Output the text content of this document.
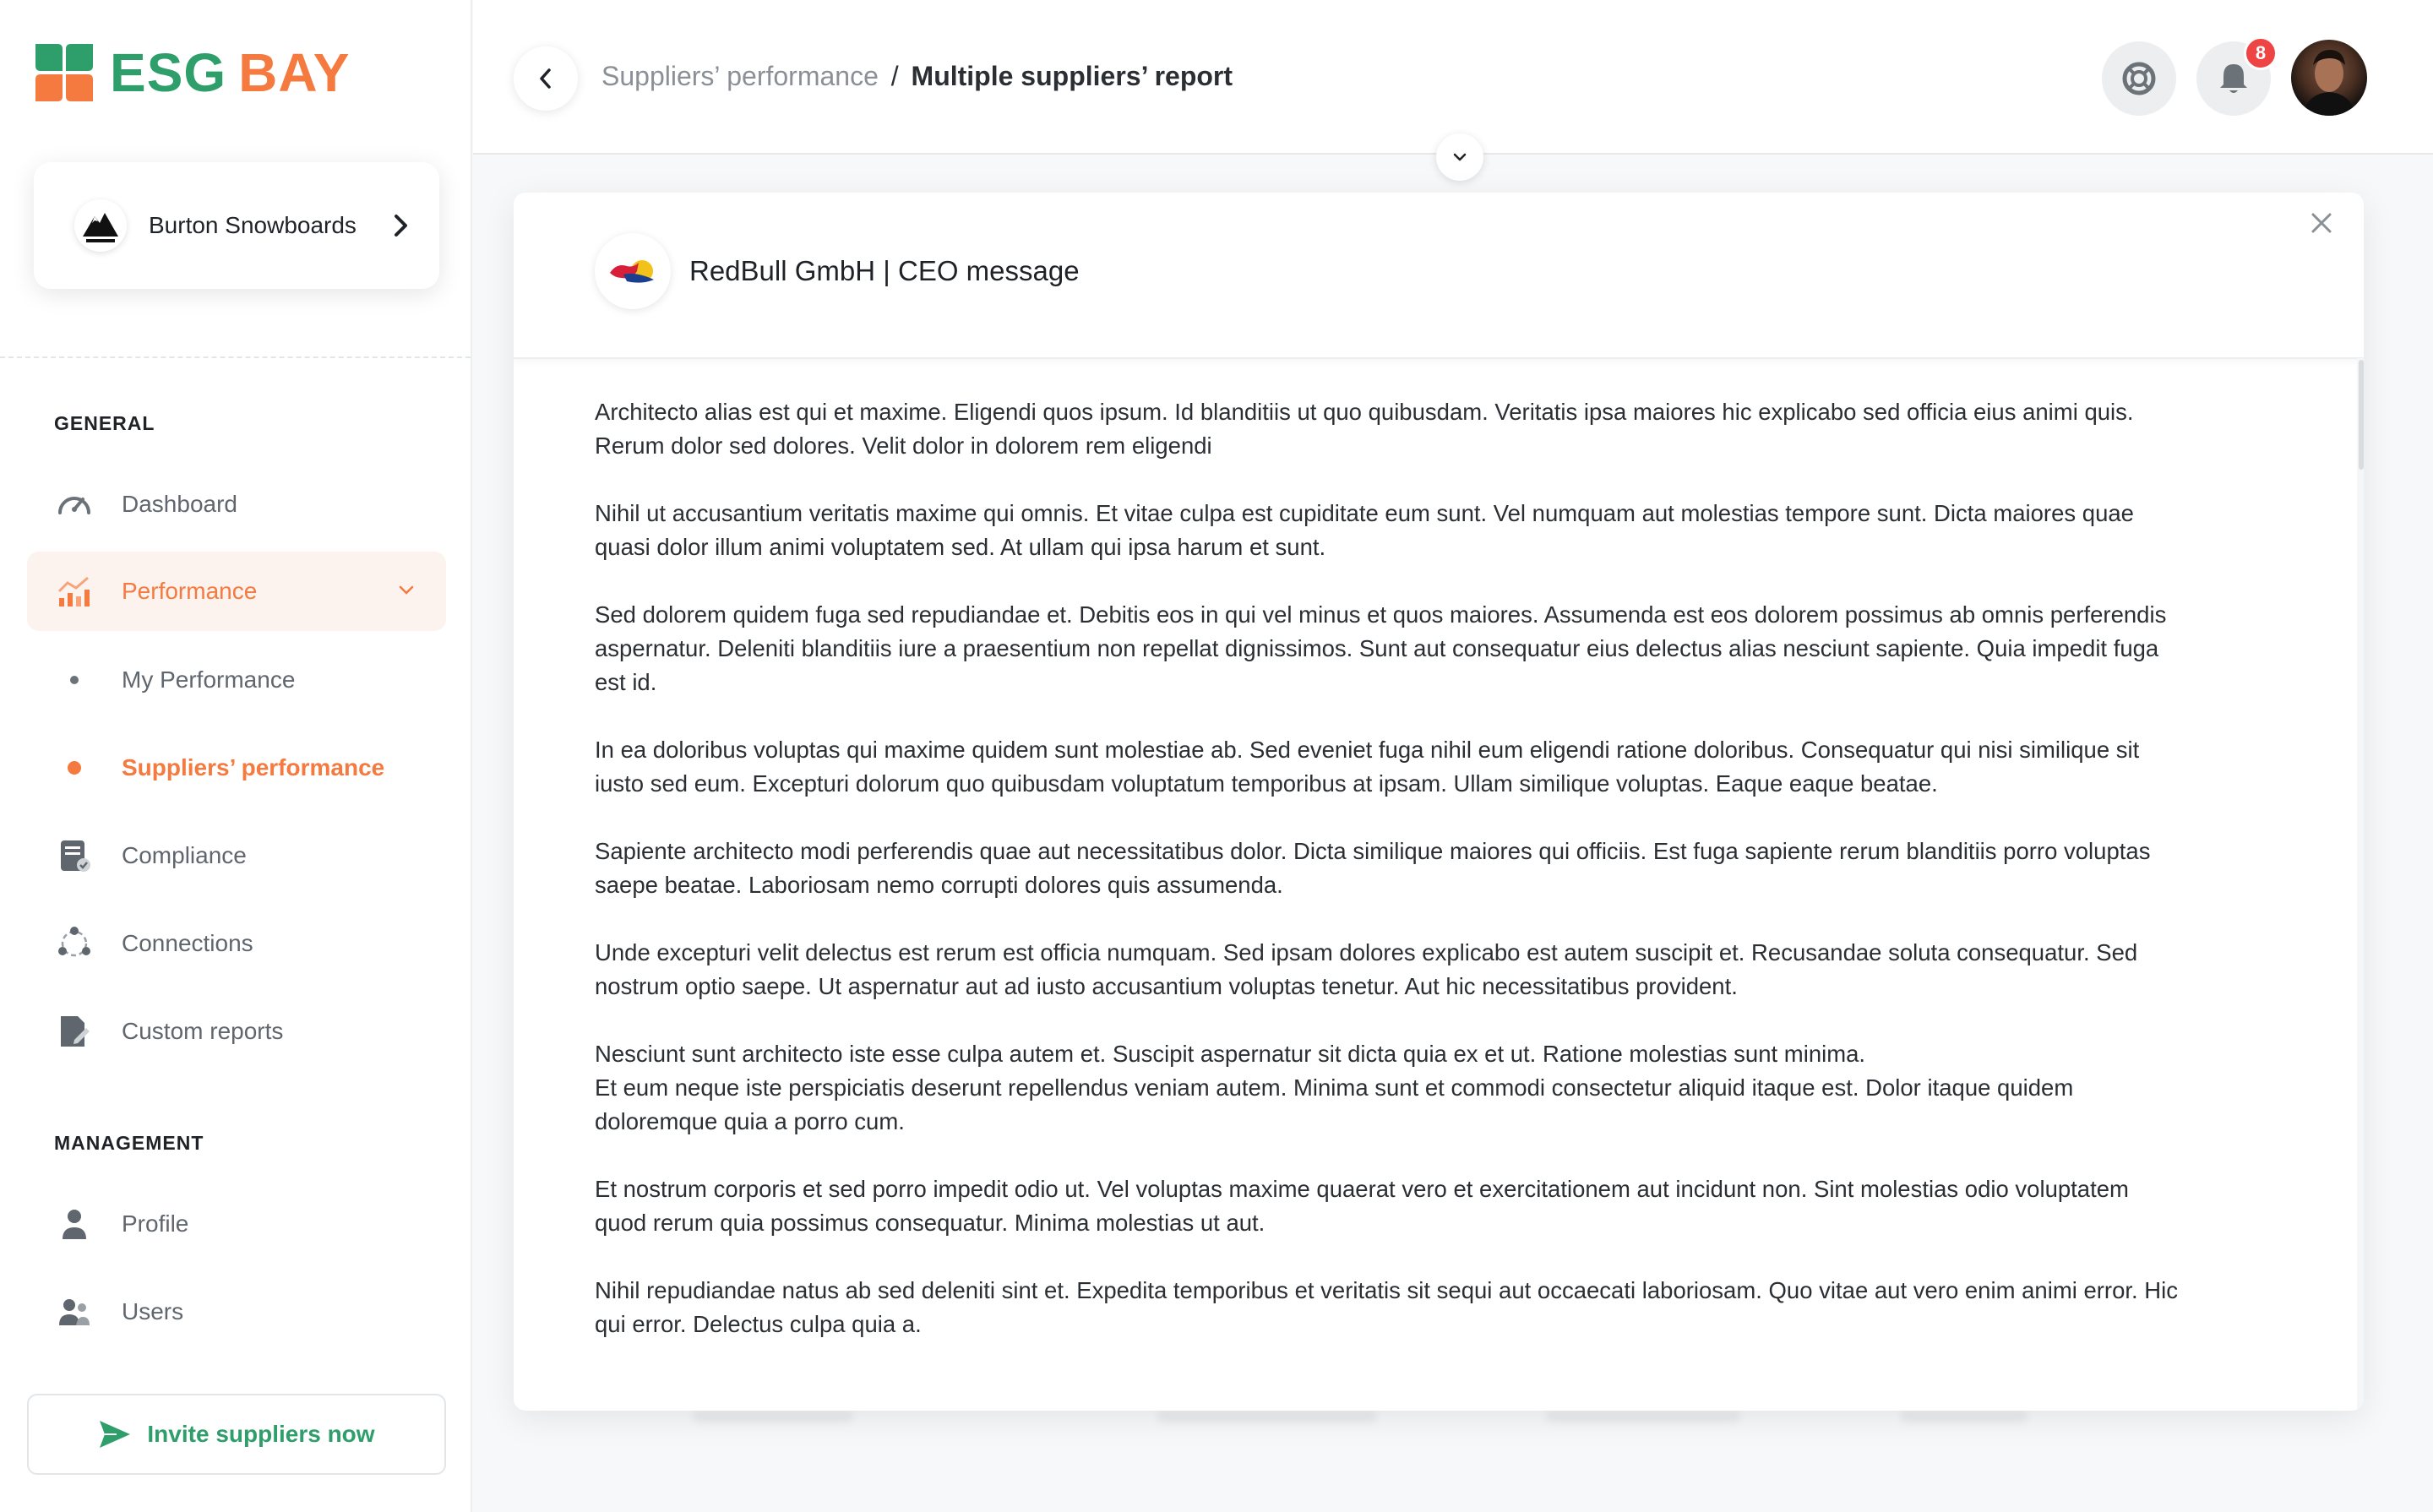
ESG BAY
Burton Snowboards
GENERAL
Dashboard
Performance
My Performance
Suppliers’ performance
Compliance
Connections
Custom reports
MANAGEMENT
Profile
Users
Invite suppliers now
Suppliers’ performance / Multiple suppliers’ report
8
RedBull GmbH | CEO message

Architecto alias est qui et maxime. Eligendi quos ipsum. Id blanditiis ut quo quibusdam. Veritatis ipsa maiores hic explicabo sed officia eius animi quis.
Rerum dolor sed dolores. Velit dolor in dolorem rem eligendi

Nihil ut accusantium veritatis maxime qui omnis. Et vitae culpa est cupiditate eum sunt. Vel numquam aut molestias tempore sunt. Dicta maiores quae
quasi dolor illum animi voluptatem sed. At ullam qui ipsa harum et sunt.

Sed dolorem quidem fuga sed repudiandae et. Debitis eos in qui vel minus et quos maiores. Assumenda est eos dolorem possimus ab omnis perferendis
aspernatur. Deleniti blanditiis iure a praesentium non repellat dignissimos. Sunt aut consequatur eius delectus alias nesciunt sapiente. Quia impedit fuga
est id.

In ea doloribus voluptas qui maxime quidem sunt molestiae ab. Sed eveniet fuga nihil eum eligendi ratione doloribus. Consequatur qui nisi similique sit
iusto sed eum. Excepturi dolorum quo quibusdam voluptatum temporibus at ipsam. Ullam similique voluptas. Eaque eaque beatae.

Sapiente architecto modi perferendis quae aut necessitatibus dolor. Dicta similique maiores qui officiis. Est fuga sapiente rerum blanditiis porro voluptas
saepe beatae. Laboriosam nemo corrupti dolores quis assumenda.

Unde excepturi velit delectus est rerum est officia numquam. Sed ipsam dolores explicabo est autem suscipit et. Recusandae soluta consequatur. Sed
nostrum optio saepe. Ut aspernatur aut ad iusto accusantium voluptas tenetur. Aut hic necessitatibus provident.

Nesciunt sunt architecto iste esse culpa autem et. Suscipit aspernatur sit dicta quia ex et ut. Ratione molestias sunt minima.
Et eum neque iste perspiciatis deserunt repellendus veniam autem. Minima sunt et commodi consectetur aliquid itaque est. Dolor itaque quidem
doloremque quia a porro cum.

Et nostrum corporis et sed porro impedit odio ut. Vel voluptas maxime quaerat vero et exercitationem aut incidunt non. Sint molestias odio voluptatem
quod rerum quia possimus consequatur. Minima molestias ut aut.

Nihil repudiandae natus ab sed deleniti sint et. Expedita temporibus et veritatis sit sequi aut occaecati laboriosam. Quo vitae aut vero enim animi error. Hic
qui error. Delectus culpa quia a.
